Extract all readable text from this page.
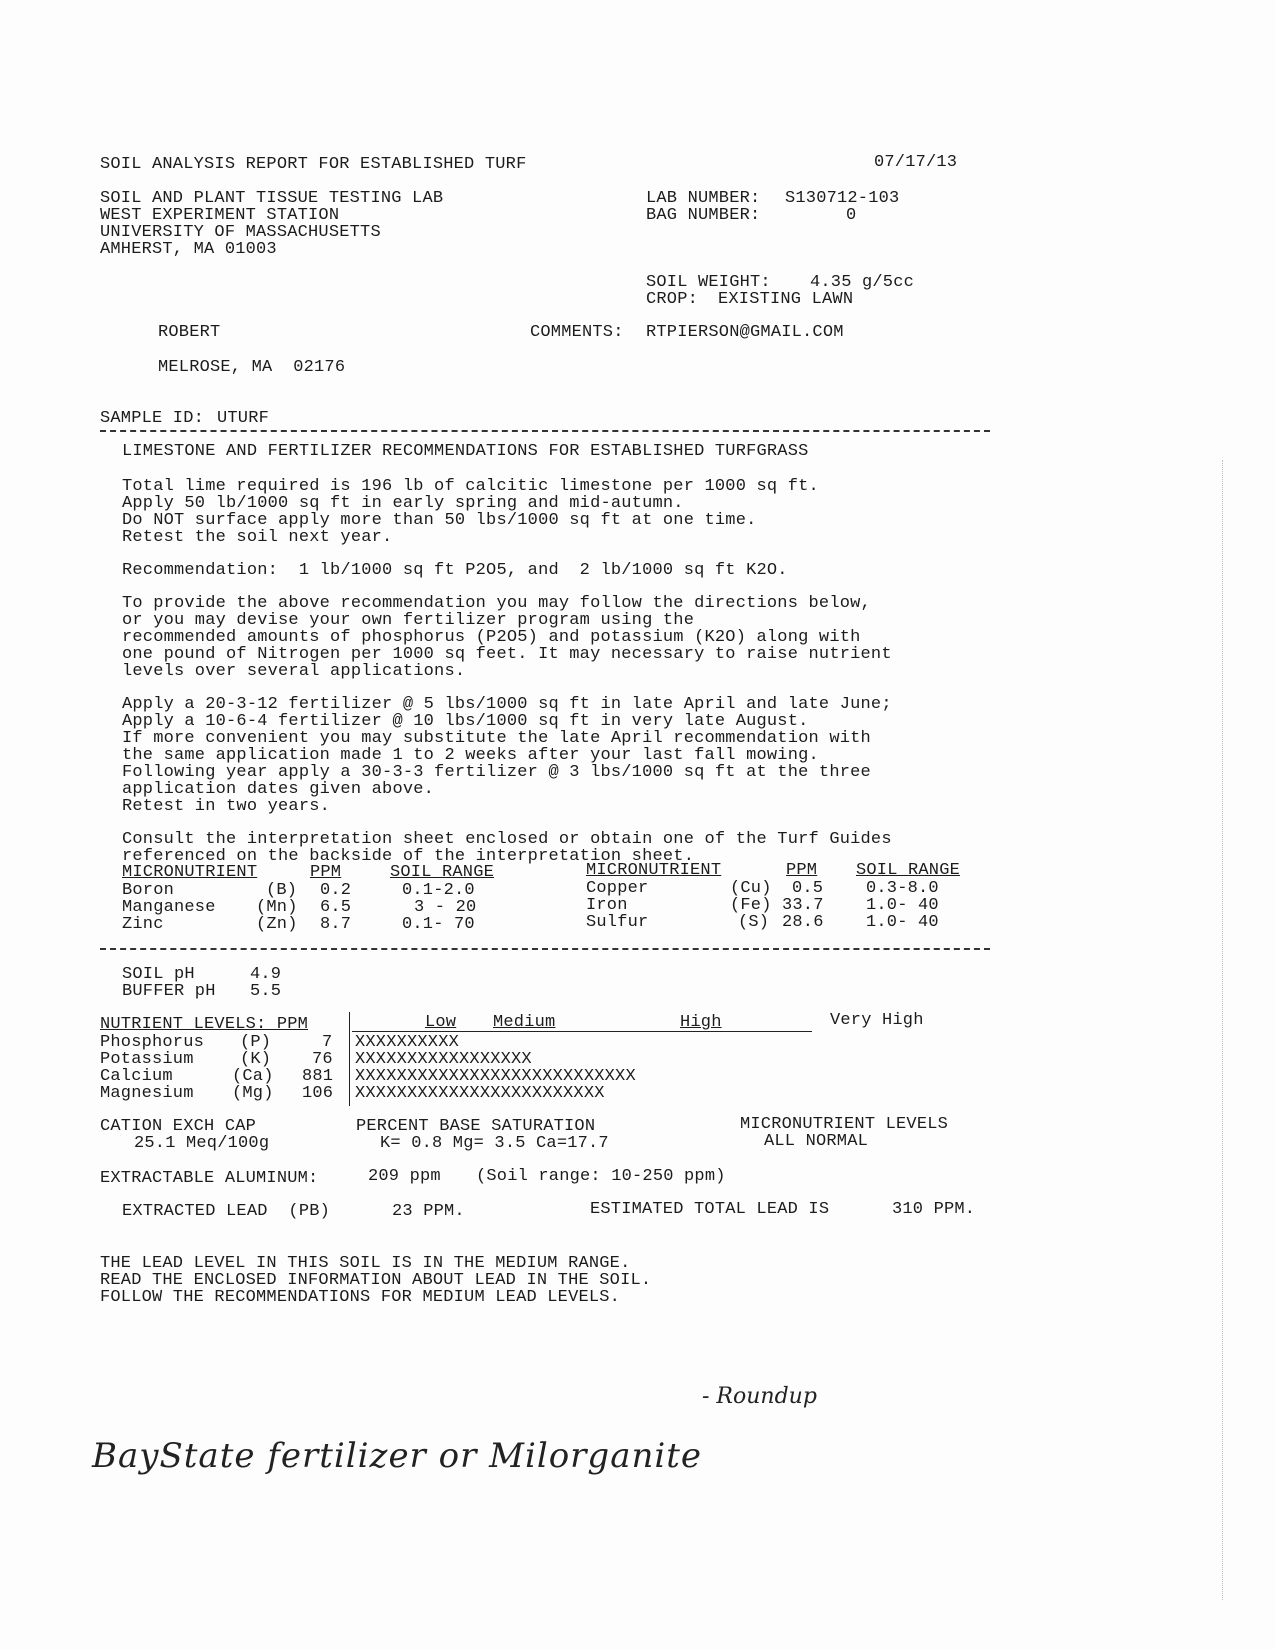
SOIL ANALYSIS REPORT FOR ESTABLISHED TURF	07/17/13
SOIL AND PLANT TISSUE TESTING LAB
WEST EXPERIMENT STATION
UNIVERSITY OF MASSACHUSETTS
AMHERST, MA 01003
LAB NUMBER: S130712-103
BAG NUMBER:	0
SOIL WEIGHT: 4.35 g/5cc
CROP: EXISTING LAWN
ROBERT
MELROSE, MA  02176
COMMENTS: RTPIERSON@GMAIL.COM
SAMPLE ID: UTURF
LIMESTONE AND FERTILIZER RECOMMENDATIONS FOR ESTABLISHED TURFGRASS
Total lime required is 196 lb of calcitic limestone per 1000 sq ft.
Apply 50 lb/1000 sq ft in early spring and mid-autumn.
Do NOT surface apply more than 50 lbs/1000 sq ft at one time.
Retest the soil next year.
Recommendation:  1 lb/1000 sq ft P2O5, and  2 lb/1000 sq ft K2O.
To provide the above recommendation you may follow the directions below,
or you may devise your own fertilizer program using the
recommended amounts of phosphorus (P2O5) and potassium (K2O) along with
one pound of Nitrogen per 1000 sq feet. It may necessary to raise nutrient
levels over several applications.
Apply a 20-3-12 fertilizer @ 5 lbs/1000 sq ft in late April and late June;
Apply a 10-6-4 fertilizer @ 10 lbs/1000 sq ft in very late August.
If more convenient you may substitute the late April recommendation with
the same application made 1 to 2 weeks after your last fall mowing.
Following year apply a 30-3-3 fertilizer @ 3 lbs/1000 sq ft at the three
application dates given above.
Retest in two years.
Consult the interpretation sheet enclosed or obtain one of the Turf Guides
referenced on the backside of the interpretation sheet.
MICRONUTRIENT	PPM	SOIL RANGE	MICRONUTRIENT	PPM SOIL RANGE
Boron	(B) 0.2	0.1-2.0
Manganese (Mn) 6.5	3 - 20
Zinc	(Zn) 8.7	0.1- 70
Copper	(Cu) 0.5	0.3-8.0
Iron	(Fe) 33.7 1.0- 40
Sulfur	(S) 28.6 1.0- 40
SOIL pH	4.9
BUFFER pH 5.5
NUTRIENT LEVELS: PPM	Low Medium	High	Very High
Phosphorus (P)	7 XXXXXXXXXX
Potassium	(K) 76 XXXXXXXXXXXXXXXXX
Calcium	(Ca) 881 XXXXXXXXXXXXXXXXXXXXXXXXXXX
Magnesium (Mg) 106 XXXXXXXXXXXXXXXXXXXXXXXX
CATION EXCH CAP
25.1 Meq/100g
PERCENT BASE SATURATION
K= 0.8 Mg= 3.5 Ca=17.7
MICRONUTRIENT LEVELS
ALL NORMAL
EXTRACTABLE ALUMINUM:	209 ppm (Soil range: 10-250 ppm)
EXTRACTED LEAD  (PB)	23 PPM.	ESTIMATED TOTAL LEAD IS	310 PPM.
THE LEAD LEVEL IN THIS SOIL IS IN THE MEDIUM RANGE.
READ THE ENCLOSED INFORMATION ABOUT LEAD IN THE SOIL.
FOLLOW THE RECOMMENDATIONS FOR MEDIUM LEAD LEVELS.
- Roundup
BayState fertilizer or Milorganite
